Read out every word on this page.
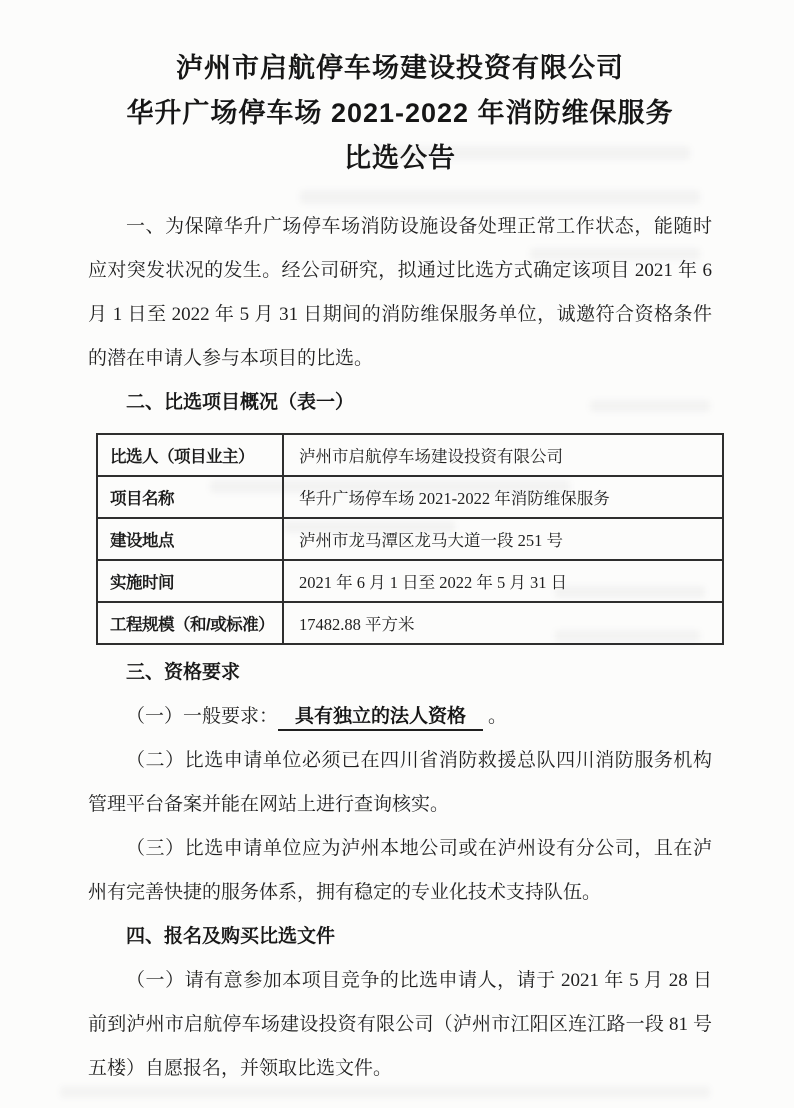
泸州市启航停车场建设投资有限公司
华升广场停车场 2021-2022 年消防维保服务
比选公告

一、为保障华升广场停车场消防设施设备处理正常工作状态，能随时应对突发状况的发生。经公司研究，拟通过比选方式确定该项目 2021 年 6 月 1 日至 2022 年 5 月 31 日期间的消防维保服务单位，诚邀符合资格条件的潜在申请人参与本项目的比选。

二、比选项目概况（表一）

比选人（项目业主）	泸州市启航停车场建设投资有限公司
项目名称	华升广场停车场 2021-2022 年消防维保服务
建设地点	泸州市龙马潭区龙马大道一段 251 号
实施时间	2021 年 6 月 1 日至 2022 年 5 月 31 日
工程规模（和/或标准）	17482.88 平方米

三、资格要求

（一）一般要求： 具有独立的法人资格 。

（二）比选申请单位必须已在四川省消防救援总队四川消防服务机构管理平台备案并能在网站上进行查询核实。

（三）比选申请单位应为泸州本地公司或在泸州设有分公司，且在泸州有完善快捷的服务体系，拥有稳定的专业化技术支持队伍。

四、报名及购买比选文件

（一）请有意参加本项目竞争的比选申请人，请于 2021 年 5 月 28 日前到泸州市启航停车场建设投资有限公司（泸州市江阳区连江路一段 81 号五楼）自愿报名，并领取比选文件。
